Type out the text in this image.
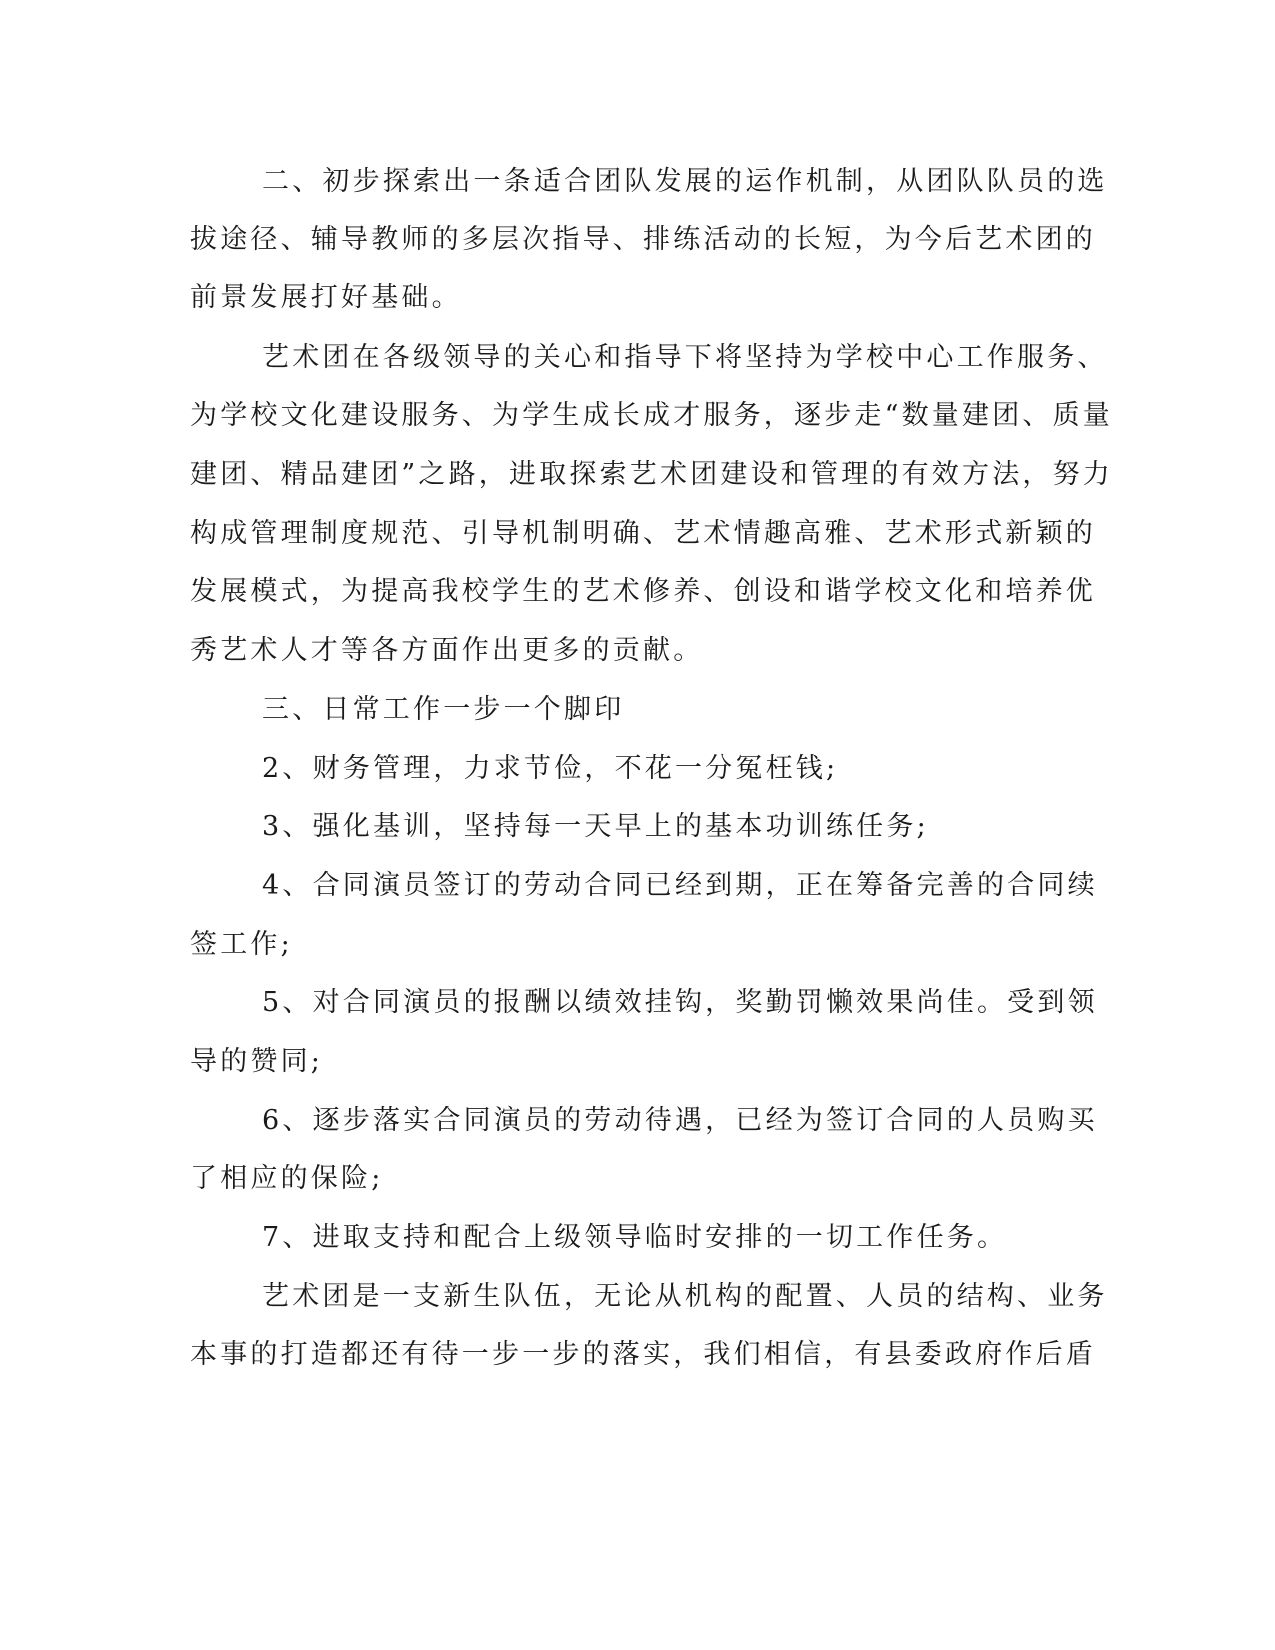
二、初步探索出一条适合团队发展的运作机制，从团队队员的选
拔途径、辅导教师的多层次指导、排练活动的长短，为今后艺术团的
前景发展打好基础。
艺术团在各级领导的关心和指导下将坚持为学校中心工作服务、
为学校文化建设服务、为学生成长成才服务，逐步走“数量建团、质量
建团、精品建团”之路，进取探索艺术团建设和管理的有效方法，努力
构成管理制度规范、引导机制明确、艺术情趣高雅、艺术形式新颖的
发展模式，为提高我校学生的艺术修养、创设和谐学校文化和培养优
秀艺术人才等各方面作出更多的贡献。
三、日常工作一步一个脚印
2、财务管理，力求节俭，不花一分冤枉钱;
3、强化基训，坚持每一天早上的基本功训练任务;
4、合同演员签订的劳动合同已经到期，正在筹备完善的合同续
签工作;
5、对合同演员的报酬以绩效挂钩，奖勤罚懒效果尚佳。受到领
导的赞同;
6、逐步落实合同演员的劳动待遇，已经为签订合同的人员购买
了相应的保险;
7、进取支持和配合上级领导临时安排的一切工作任务。
艺术团是一支新生队伍，无论从机构的配置、人员的结构、业务
本事的打造都还有待一步一步的落实，我们相信，有县委政府作后盾
